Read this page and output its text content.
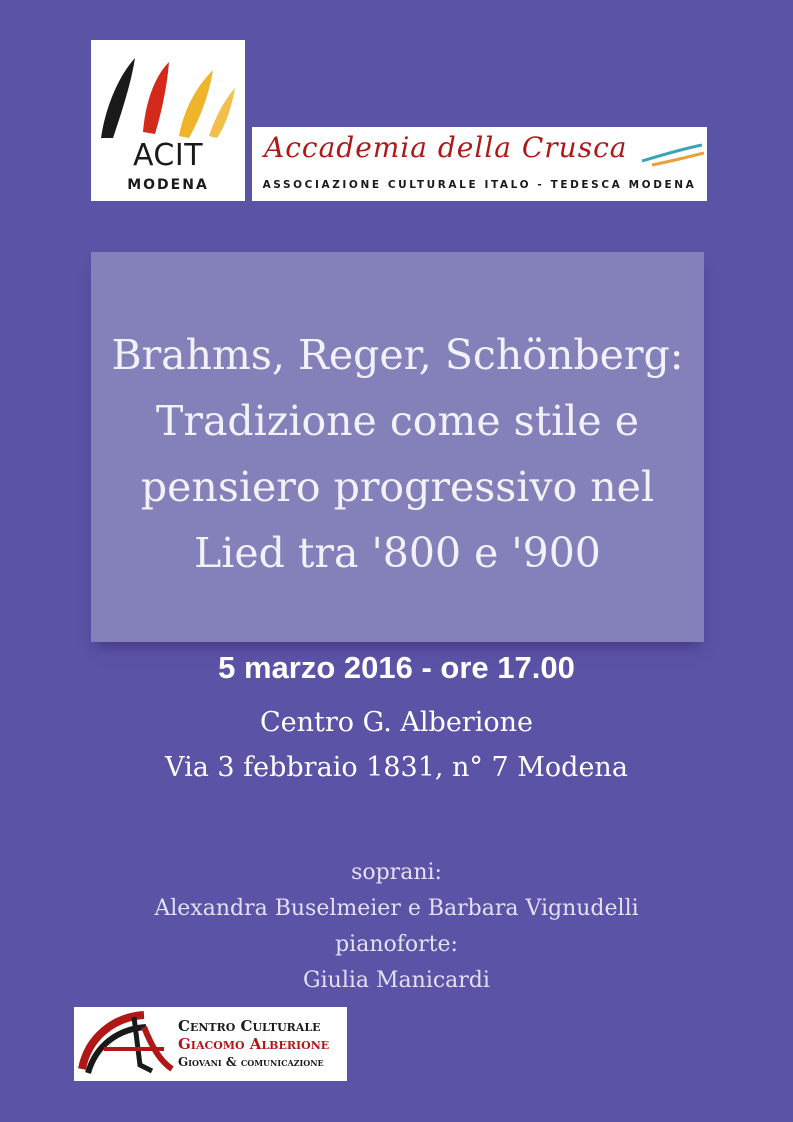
ACIT
MODENA
Accademia della Crusca
ASSOCIAZIONE CULTURALE ITALO - TEDESCA MODENA
Brahms, Reger, Schönberg:
Tradizione come stile e
pensiero progressivo nel
Lied tra '800 e '900

5 marzo 2016 - ore 17.00

Centro G. Alberione

Via 3 febbraio 1831, n° 7 Modena

soprani:

Alexandra Buselmeier e Barbara Vignudelli

pianoforte:

Giulia Manicardi

Centro Culturale
Giacomo Alberione
Giovani & comunicazione
